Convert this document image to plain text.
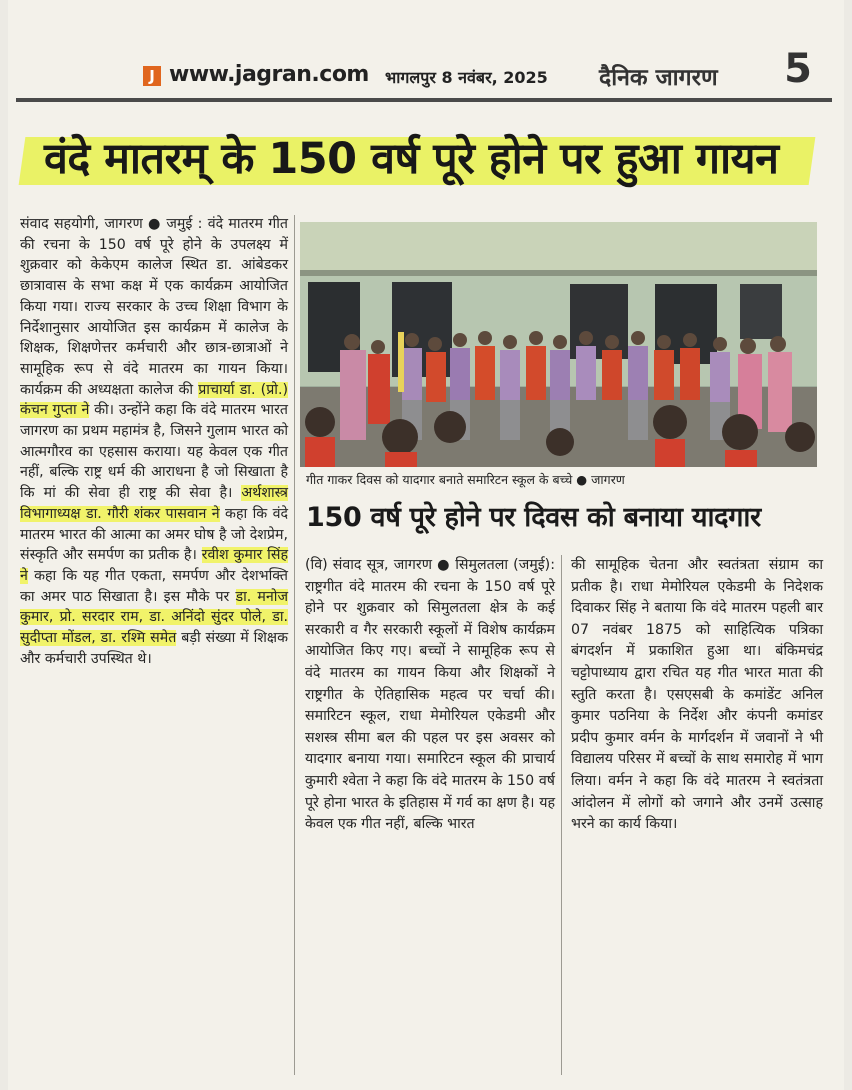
J www.jagran.com भागलपुर 8 नवंबर, 2025 दैनिक जागरण 5
वंदे मातरम् के 150 वर्ष पूरे होने पर हुआ गायन
संवाद सहयोगी, जागरण ● जमुई : वंदे मातरम गीत की रचना के 150 वर्ष पूरे होने के उपलक्ष्य में शुक्रवार को केकेएम कालेज स्थित डा. आंबेडकर छात्रावास के सभा कक्ष में एक कार्यक्रम आयोजित किया गया। राज्य सरकार के उच्च शिक्षा विभाग के निर्देशानुसार आयोजित इस कार्यक्रम में कालेज के शिक्षक, शिक्षणेत्तर कर्मचारी और छात्र-छात्राओं ने सामूहिक रूप से वंदे मातरम का गायन किया। कार्यक्रम की अध्यक्षता कालेज की प्राचार्या डा. (प्रो.) कंचन गुप्ता ने की। उन्होंने कहा कि वंदे मातरम भारत जागरण का प्रथम महामंत्र है, जिसने गुलाम भारत को आत्मगौरव का एहसास कराया। यह केवल एक गीत नहीं, बल्कि राष्ट्र धर्म की आराधना है जो सिखाता है कि मां की सेवा ही राष्ट्र की सेवा है। अर्थशास्त्र विभागाध्यक्ष डा. गौरी शंकर पासवान ने कहा कि वंदे मातरम भारत की आत्मा का अमर घोष है जो देशप्रेम, संस्कृति और समर्पण का प्रतीक है। रवीश कुमार सिंह ने कहा कि यह गीत एकता, समर्पण और देशभक्ति का अमर पाठ सिखाता है। इस मौके पर डा. मनोज कुमार, प्रो. सरदार राम, डा. अनिंदो सुंदर पोले, डा. सुदीप्ता मोंडल, डा. रश्मि समेत बड़ी संख्या में शिक्षक और कर्मचारी उपस्थित थे।
गीत गाकर दिवस को यादगार बनाते समारिटन स्कूल के बच्चे ● जागरण
150 वर्ष पूरे होने पर दिवस को बनाया यादगार
(वि) संवाद सूत्र, जागरण ● सिमुलतला (जमुई): राष्ट्रगीत वंदे मातरम की रचना के 150 वर्ष पूरे होने पर शुक्रवार को सिमुलतला क्षेत्र के कई सरकारी व गैर सरकारी स्कूलों में विशेष कार्यक्रम आयोजित किए गए। बच्चों ने सामूहिक रूप से वंदे मातरम का गायन किया और शिक्षकों ने राष्ट्रगीत के ऐतिहासिक महत्व पर चर्चा की। समारिटन स्कूल, राधा मेमोरियल एकेडमी और सशस्त्र सीमा बल की पहल पर इस अवसर को यादगार बनाया गया। समारिटन स्कूल की प्राचार्य कुमारी श्वेता ने कहा कि वंदे मातरम के 150 वर्ष पूरे होना भारत के इतिहास में गर्व का क्षण है। यह केवल एक गीत नहीं, बल्कि भारत
की सामूहिक चेतना और स्वतंत्रता संग्राम का प्रतीक है। राधा मेमोरियल एकेडमी के निदेशक दिवाकर सिंह ने बताया कि वंदे मातरम पहली बार 07 नवंबर 1875 को साहित्यिक पत्रिका बंगदर्शन में प्रकाशित हुआ था। बंकिमचंद्र चट्टोपाध्याय द्वारा रचित यह गीत भारत माता की स्तुति करता है। एसएसबी के कमांडेंट अनिल कुमार पठनिया के निर्देश और कंपनी कमांडर प्रदीप कुमार वर्मन के मार्गदर्शन में जवानों ने भी विद्यालय परिसर में बच्चों के साथ समारोह में भाग लिया। वर्मन ने कहा कि वंदे मातरम ने स्वतंत्रता आंदोलन में लोगों को जगाने और उनमें उत्साह भरने का कार्य किया।
